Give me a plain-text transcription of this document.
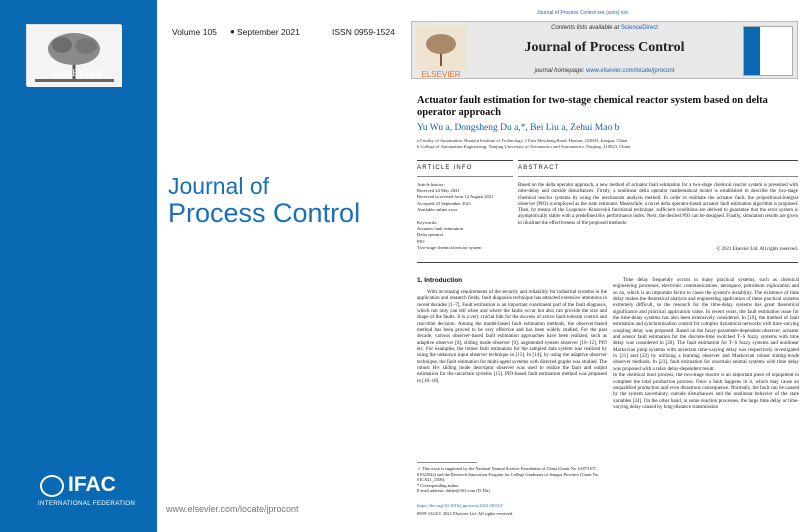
ELSEVIER
IFAC
INTERNATIONAL FEDERATION
Volume 105 ● September 2021	ISSN 0959-1524
Journal of
Process Control
www.elsevier.com/locate/jprocont
Journal of Process Control xxx (xxxx) xxx
ELSEVIER
Contents lists available at ScienceDirect
Journal of Process Control
journal homepage: www.elsevier.com/locate/jprocont
Actuator fault estimation for two-stage chemical reactor system based on delta operator approach
Yu Wu a, Dongsheng Du a,*, Bei Liu a, Zehui Mao b
a Faculty of Automation, Huaiyin Institute of Technology, 1 East Meicheng Road, Huaian, 223003, Jiangsu, China
b College of Automation Engineering, Nanjing University of Aeronautics and Astronautics, Nanjing, 210023, China
ARTICLE INFO	ABSTRACT
Article history:
Received 24 May 2021
Received in revised form 12 August 2021
Accepted 23 September 2021
Available online xxxx
Keywords:
Actuator fault estimation
Delta operator
PIO
Two-stage chemical reactor system
Based on the delta operator approach, a new method of actuator fault estimation for a two-stage chemical reactor system is presented with time-delay and outside disturbances. Firstly, a nonlinear delta operator mathematical model is established to describe the two-stage chemical reactor systems by using the mechanism analysis method. In order to estimate the actuator fault, the proportional-integral observer (PIO) is employed as the state estimator. Meanwhile, a novel delta operator-based actuator fault estimation algorithm is proposed. Then, by means of the Lyapunov–Krasovskii functional technique, sufficient conditions are derived to guarantee that the error system is asymptotically stable with a predefined H∞ performance index. Next, the desired PIO can be designed. Finally, simulation results are given to illustrate the effectiveness of the proposed methods.
© 2021 Elsevier Ltd. All rights reserved.
1. Introduction
With increasing requirements of the security and reliability for industrial systems in the application and research fields, fault diagnosis technique has attracted extensive attentions in recent decades [1–7]. Fault estimation is an important constituent part of the fault diagnosis, which not only can tell when and where the faults occur but also can provide the size and shape of the faults. It is a very crucial link for the success of active fault-tolerant control and real-time decision. Among the model-based fault estimation methods, the observer-based method has been proved to be very effective and has been widely studied. For the past decade, various observer-based fault estimation approaches have been realized, such as adaptive observer [8], sliding mode observer [9], augmented system observer [10–12], PIO etc. For examples, the robust fault estimation for the sampled data system was realized by using the unknown input observer technique in [13]. In [14], by using the adaptive observer technique, the fault estimation for multi-agent systems with directed graphs was studied. The robust H∞ sliding mode descriptor observer was used to realize the fault and output estimation for the uncertain systems [15]. PIO-based fault estimation method was proposed in [16–18].
Time delay frequently occurs in many practical systems, such as chemical engineering processes, electronic communications, aerospace, petroleum exploration and so on, which is an important factor to cause the system's instability. The existence of time delay makes the theoretical analysis and engineering application of these practical systems extremely difficult, so the research for the time-delay systems has great theoretical significance and practical application value. In recent years, the fault estimation issue for the time-delay systems has also been extensively considered. In [19], the method of fault estimation and synchronization control for complex dynamical networks with time-varying coupling delay was proposed. Based on the fuzzy-parameter-dependent observer, actuator and sensor fault estimation for the discrete-time switched T–S fuzzy systems with time delay was considered in [20]. The fault estimation for T–S fuzzy systems and nonlinear Markovian jump systems with uncertain time-varying delay was respectively investigated in [21] and [22] by utilizing a learning observer and Markovian robust sliding-mode observer methods. In [23], fault estimation for uncertain neutral systems with time delay was proposed with a relax delay-dependent result.
In the chemical react process, the two-stage reactor is an important piece of equipment to complete the total production process. Once a fault happens in it, which may cause an unqualified production and even disastrous consequence. Normally, the fault can be caused by the system uncertainty, outside disturbances and the nonlinear behavior of the state variables [24]. On the other hand, in some reaction processes, the large time delay or time-varying delay caused by long-distance transmission
☆ This work is supported by the National Natural Science Foundation of China (Grant No. 61873107, 61922042) and the Research Innovation Program for College Graduates of Jiangsu Province (Grant No. SJCX21_1508).
* Corresponding author.
E-mail address: ddshe@163.com (D. Du).
https://doi.org/10.1016/j.jprocont.2021.09.013
0959-1524/© 2021 Elsevier Ltd. All rights reserved.
